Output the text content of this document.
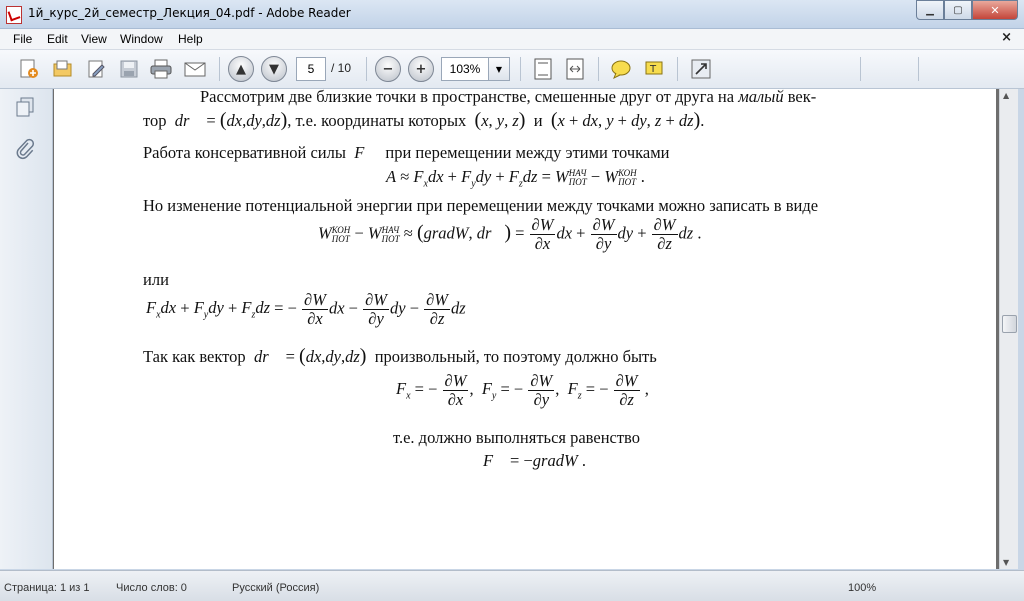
1й_курс_2й_семестр_Лекция_04.pdf - Adobe Reader	▁	▢	✕
File Edit View Window Help	×
▲ ▼	− +	T
5	/ 10	103%	▼
Рассмотрим две близкие точки в пространстве, смешенные друг от друга на малый век-
тор dr⃗ = (dx,dy,dz), т.е. координаты которых (x, y, z) и (x + dx, y + dy, z + dz).
Работа консервативной силы F⃗ при перемещении между этими точками
$A \approx F_xdx + F_ydy + F_zdz$ = WНАЧ
ПОТ − WКОН
ПОТ .
Но изменение потенциальной энергии при перемещении между точками можно записать в виде
WКОН
ПОТ − WНАЧ
ПОТ ≈ (gradW, dr⃗) = $\frac{\partial W}{\partial x}$ dx + $\frac{\partial W}{\partial y}$ dy + $\frac{\partial W}{\partial z}$ dz .
или
$F_xdx + F_ydy + F_zdz$ = − $\frac{\partial W}{\partial x}$ dx − $\frac{\partial W}{\partial y}$ dy − $\frac{\partial W}{\partial z}$ dz
Так как вектор dr⃗ = (dx,dy,dz) произвольный, то поэтому должно быть
$F_x$ = − $\frac{\partial W}{\partial x}$ ,  $F_y$ = − $\frac{\partial W}{\partial y}$ ,  $F_z$ = − $\frac{\partial W}{\partial z}$ ,
т.е. должно выполняться равенство
F⃗ = −gradW .
▲
▼
Страница: 1 из 1 Число слов: 0	Русский (Россия)	100%
